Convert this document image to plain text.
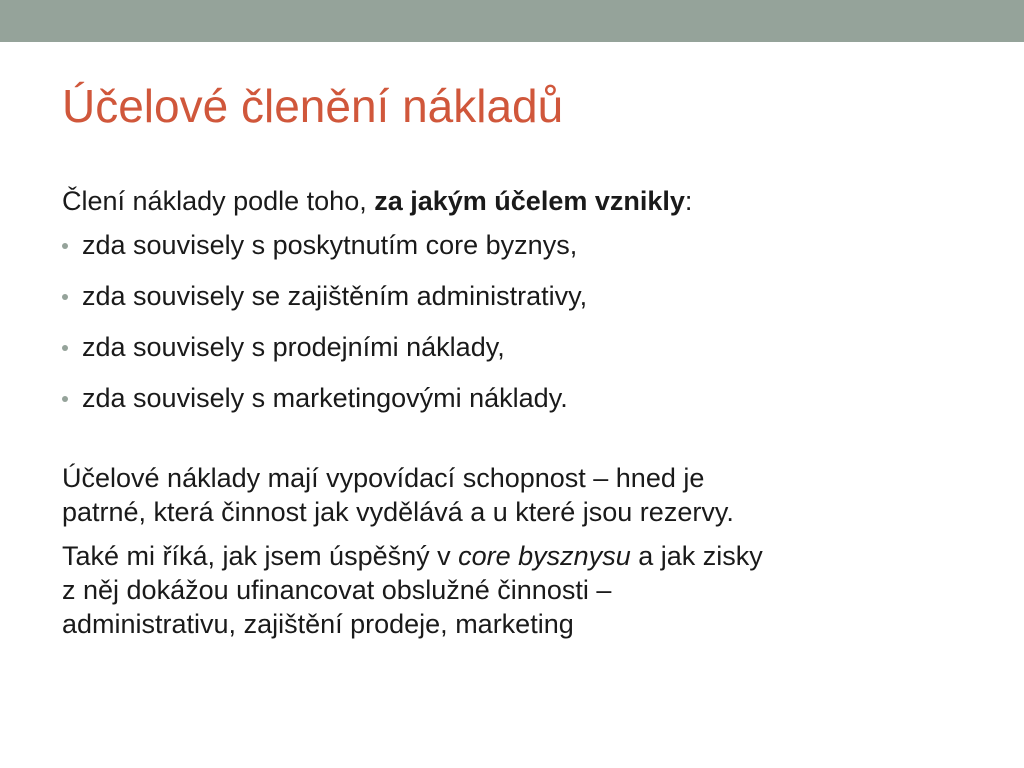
Účelové členění nákladů

Člení náklady podle toho, za jakým účelem vznikly:

zda souvisely s poskytnutím core byznys,
zda souvisely se zajištěním administrativy,
zda souvisely s prodejními náklady,
zda souvisely s marketingovými náklady.

Účelové náklady mají vypovídací schopnost – hned je
patrné, která činnost jak vydělává a u které jsou rezervy.

Také mi říká, jak jsem úspěšný v core bysznysu a jak zisky
z něj dokážou ufinancovat obslužné činnosti –
administrativu, zajištění prodeje, marketing
